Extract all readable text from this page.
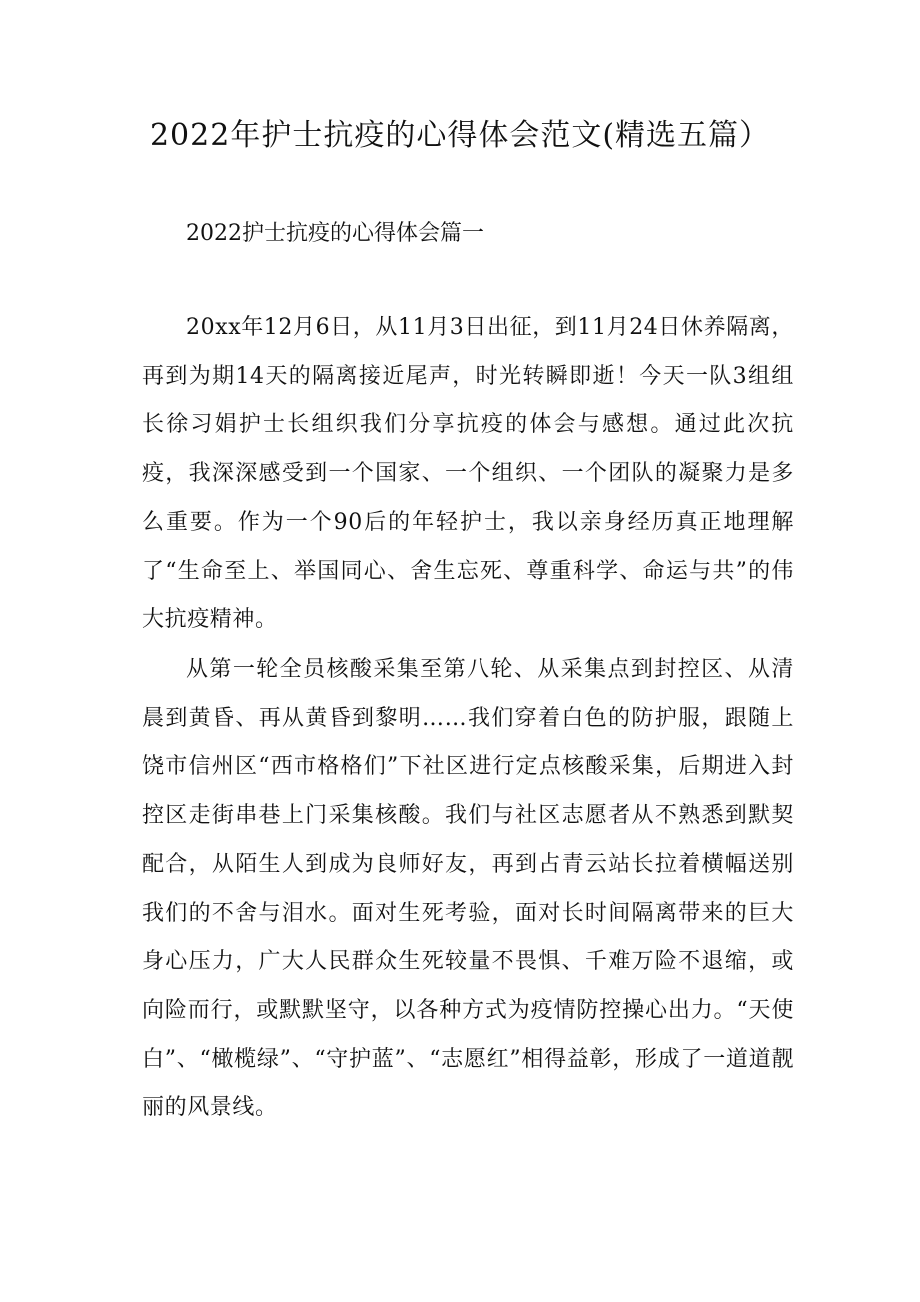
2022年护士抗疫的心得体会范文(精选五篇）
2022护士抗疫的心得体会篇一

20xx年12月6日，从11月3日出征，到11月24日休养隔离，再到为期14天的隔离接近尾声，时光转瞬即逝！今天一队3组组长徐习娟护士长组织我们分享抗疫的体会与感想。通过此次抗疫，我深深感受到一个国家、一个组织、一个团队的凝聚力是多么重要。作为一个90后的年轻护士，我以亲身经历真正地理解了“生命至上、举国同心、舍生忘死、尊重科学、命运与共”的伟大抗疫精神。

从第一轮全员核酸采集至第八轮、从采集点到封控区、从清晨到黄昏、再从黄昏到黎明……我们穿着白色的防护服，跟随上饶市信州区“西市格格们”下社区进行定点核酸采集，后期进入封控区走街串巷上门采集核酸。我们与社区志愿者从不熟悉到默契配合，从陌生人到成为良师好友，再到占青云站长拉着横幅送别我们的不舍与泪水。面对生死考验，面对长时间隔离带来的巨大身心压力，广大人民群众生死较量不畏惧、千难万险不退缩，或向险而行，或默默坚守，以各种方式为疫情防控操心出力。“天使白”、“橄榄绿”、“守护蓝”、“志愿红”相得益彰，形成了一道道靓丽的风景线。
